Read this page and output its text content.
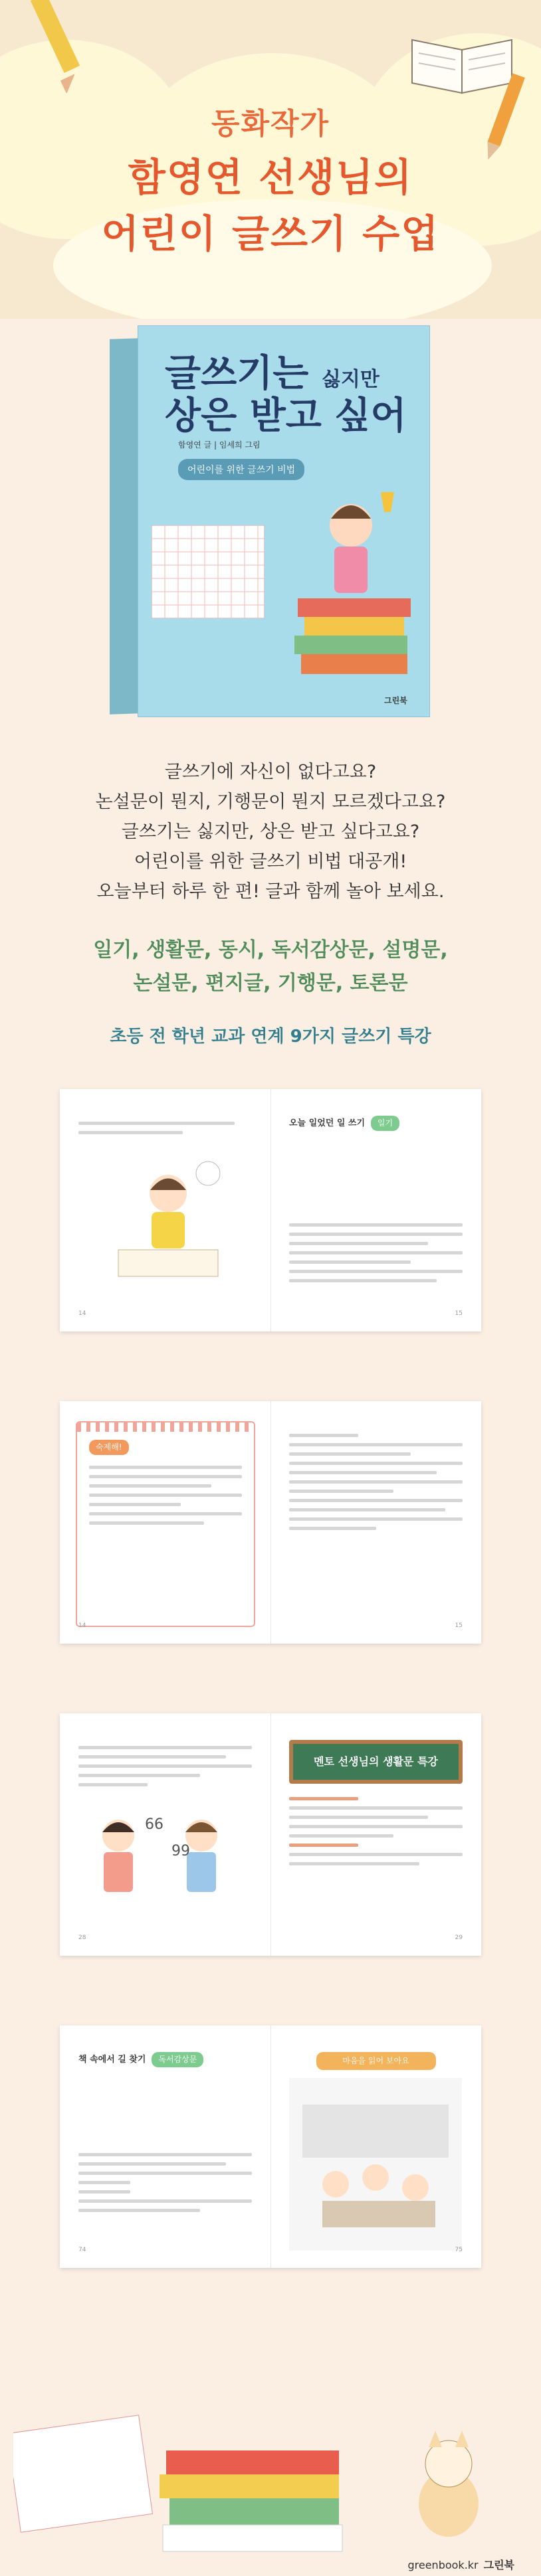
동화작가
함영연 선생님의
어린이 글쓰기 수업
글쓰기는 싫지만
상은 받고 싶어
함영연 글 | 임세희 그림
어린이를 위한 글쓰기 비법
그린북
글쓰기에 자신이 없다고요?
논설문이 뭔지, 기행문이 뭔지 모르겠다고요?
글쓰기는 싫지만, 상은 받고 싶다고요?
어린이를 위한 글쓰기 비법 대공개!
오늘부터 하루 한 편! 글과 함께 놀아 보세요.
일기, 생활문, 동시, 독서감상문, 설명문,
논설문, 편지글, 기행문, 토론문
초등 전 학년 교과 연계 9가지 글쓰기 특강
14
오늘 일었던 일 쓰기 일기
15
숙제해!
14	15
66
99
28
멘토 선생님의 생활문 특강
29
책 속에서 길 찾기 독서감상문
74
마음을 읽어 보아요
75
greenbook.kr 그린북
